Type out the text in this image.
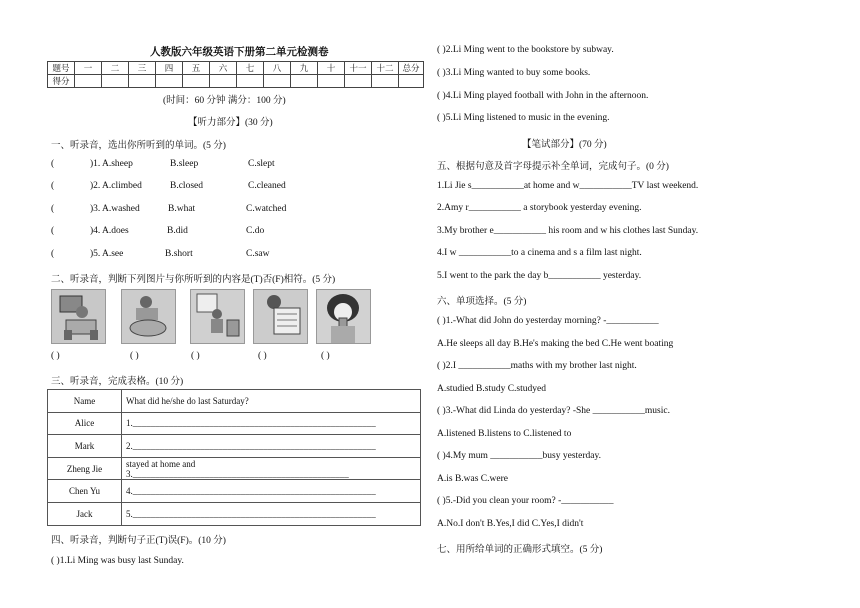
人教版六年级英语下册第二单元检测卷
题号	一	二	三	四	五	六	七	八	九	十	十一	十二	总分
得分													
(时间：60 分钟 满分：100 分)
【听力部分】(30 分)
一、听录音，选出你所听到的单词。(5 分)
(	)1. A.sheep	B.sleep	C.slept
(	)2. A.climbed	B.closed	C.cleaned
(	)3. A.washed	B.what	C.watched
(	)4. A.does	B.did	C.do
(	)5. A.see	B.short	C.saw
二、听录音，判断下列图片与你所听到的内容是(T)否(F)相符。(5 分)
( )	( )	( )	( )	( )
三、听录音，完成表格。(10 分)
Name	What did he/she do last Saturday?
Alice	1.______________________________________________________
Mark	2.______________________________________________________
Zheng Jie	stayed at home and 3.________________________________________________
Chen Yu	4.______________________________________________________
Jack	5.______________________________________________________
四、听录音，判断句子正(T)误(F)。(10 分)
( )1.Li Ming was busy last Sunday.
( )2.Li Ming went to the bookstore by subway.
( )3.Li Ming wanted to buy some books.
( )4.Li Ming played football with John in the afternoon.
( )5.Li Ming listened to music in the evening.
【笔试部分】(70 分)
五、根据句意及首字母提示补全单词，完成句子。(0 分)
1.Li Jie s___________at home and w___________TV last weekend.
2.Amy r___________ a storybook yesterday evening.
3.My brother e___________ his room and w his clothes last Sunday.
4.I w ___________to a cinema and s a film last night.
5.I went to the park the day b___________ yesterday.
六、单项选择。(5 分)
( )1.-What did John do yesterday morning? -___________
A.He sleeps all day B.He's making the bed C.He went boating
( )2.I ___________maths with my brother last night.
A.studied B.study C.studyed
( )3.-What did Linda do yesterday? -She ___________music.
A.listened B.listens to C.listened to
( )4.My mum ___________busy yesterday.
A.is B.was C.were
( )5.-Did you clean your room? -___________
A.No.I don't B.Yes,I did C.Yes,I didn't
七、用所给单词的正确形式填空。(5 分)
